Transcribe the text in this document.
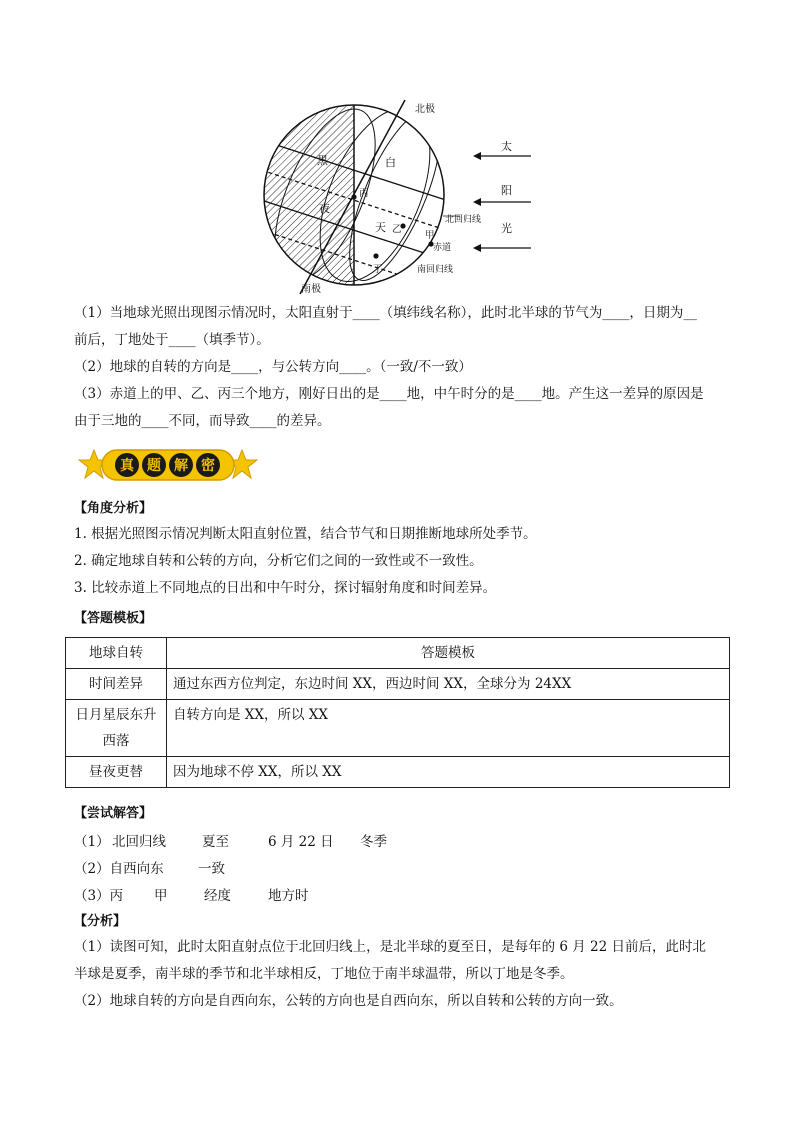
北极
南极
北回归线
赤道
南回归线
太
阳
光
黑
夜
白
天
丙
乙
甲
丁

（1）当地球光照出现图示情况时，太阳直射于____（填纬线名称），此时北半球的节气为____，日期为__

前后，丁地处于____（填季节）。

（2）地球的自转的方向是____，与公转方向____。（一致/不一致）

（3）赤道上的甲、乙、丙三个地方，刚好日出的是____地，中午时分的是____地。产生这一差异的原因是

由于三地的____不同，而导致____的差异。

真 题 解 密
【角度分析】

1. 根据光照图示情况判断太阳直射位置，结合节气和日期推断地球所处季节。

2. 确定地球自转和公转的方向，分析它们之间的一致性或不一致性。

3. 比较赤道上不同地点的日出和中午时分，探讨辐射角度和时间差异。

【答题模板】
地球自转	答题模板
时间差异	通过东西方位判定，东边时间 XX，西边时间 XX，全球分为 24XX
日月星辰东升西落	自转方向是 XX，所以 XX
昼夜更替	因为地球不停 XX，所以 XX
【尝试解答】
（1） 北回归线	夏至	6 月 22 日 冬季
（2）自西向东	一致
（3）丙 甲	经度	地方时
【分析】

（1）读图可知，此时太阳直射点位于北回归线上，是北半球的夏至日，是每年的 6 月 22 日前后，此时北

半球是夏季，南半球的季节和北半球相反，丁地位于南半球温带，所以丁地是冬季。

（2）地球自转的方向是自西向东，公转的方向也是自西向东，所以自转和公转的方向一致。
